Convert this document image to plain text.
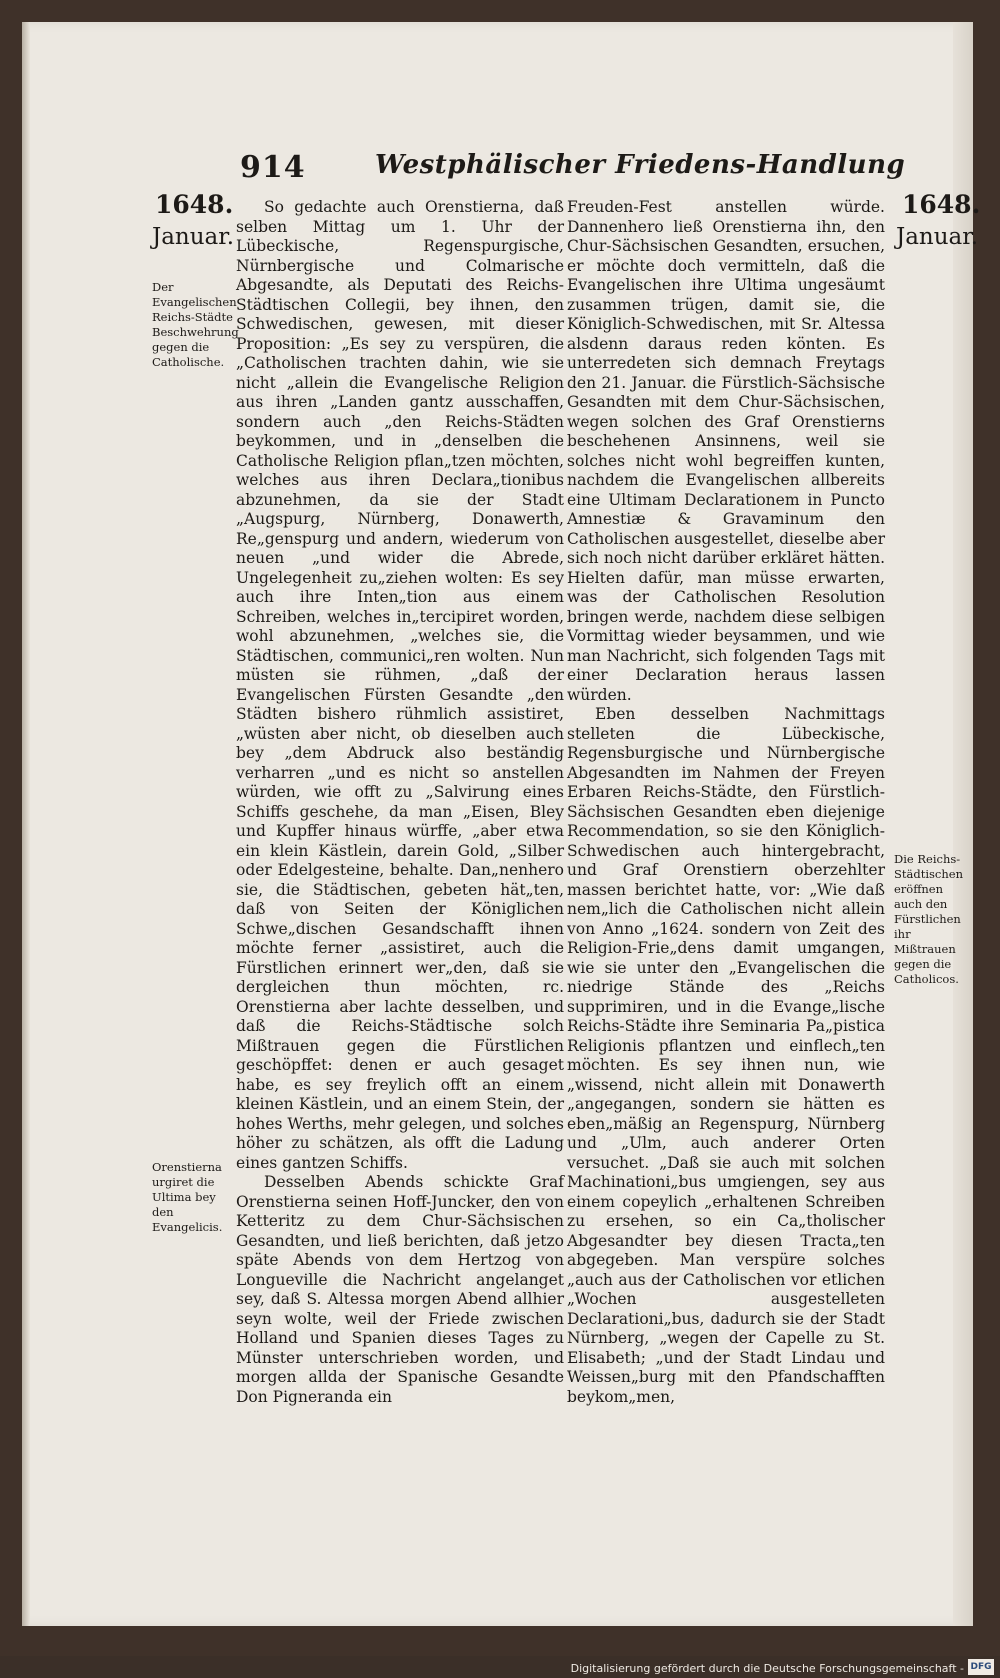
914	Westphälischer Friedens-Handlung
1648.
Januar.
1648.
Januar.
Der Evangelischen Reichs-Städte Beschwehrung gegen die Catholische.
Orenstierna urgiret die Ultima bey den Evangelicis.
Die Reichs-Städtischen eröffnen auch den Fürstlichen ihr Mißtrauen gegen die Catholicos.

So gedachte auch Orenstierna, daß selben Mittag um 1. Uhr der Lübeckische, Regenspurgische, Nürnbergische und Colmarische Abgesandte, als Deputati des Reichs-Städtischen Collegii, bey ihnen, den Schwedischen, gewesen, mit dieser Proposition: „Es sey zu verspüren, die „Catholischen trachten dahin, wie sie nicht „allein die Evangelische Religion aus ihren „Landen gantz ausschaffen, sondern auch „den Reichs-Städten beykommen, und in „denselben die Catholische Religion pflan„tzen möchten, welches aus ihren Declara„tionibus abzunehmen, da sie der Stadt „Augspurg, Nürnberg, Donawerth, Re„genspurg und andern, wiederum von neuen „und wider die Abrede, Ungelegenheit zu„ziehen wolten: Es sey auch ihre Inten„tion aus einem Schreiben, welches in„tercipiret worden, wohl abzunehmen, „welches sie, die Städtischen, communici„ren wolten. Nun müsten sie rühmen, „daß der Evangelischen Fürsten Gesandte „den Städten bishero rühmlich assistiret, „wüsten aber nicht, ob dieselben auch bey „dem Abdruck also beständig verharren „und es nicht so anstellen würden, wie offt zu „Salvirung eines Schiffs geschehe, da man „Eisen, Bley und Kupffer hinaus würffe, „aber etwa ein klein Kästlein, darein Gold, „Silber oder Edelgesteine, behalte. Dan„nenhero sie, die Städtischen, gebeten hät„ten, daß von Seiten der Königlichen Schwe„dischen Gesandschafft ihnen möchte ferner „assistiret, auch die Fürstlichen erinnert wer„den, daß sie dergleichen thun möchten, rc. Orenstierna aber lachte desselben, und daß die Reichs-Städtische solch Mißtrauen gegen die Fürstlichen geschöpffet: denen er auch gesaget habe, es sey freylich offt an einem kleinen Kästlein, und an einem Stein, der hohes Werths, mehr gelegen, und solches höher zu schätzen, als offt die Ladung eines gantzen Schiffs.

Desselben Abends schickte Graf Orenstierna seinen Hoff-Juncker, den von Ketteritz zu dem Chur-Sächsischen Gesandten, und ließ berichten, daß jetzo späte Abends von dem Hertzog von Longueville die Nachricht angelanget sey, daß S. Altessa morgen Abend allhier seyn wolte, weil der Friede zwischen Holland und Spanien dieses Tages zu Münster unterschrieben worden, und morgen allda der Spanische Gesandte Don Pigneranda ein

Freuden-Fest anstellen würde. Dannenhero ließ Orenstierna ihn, den Chur-Sächsischen Gesandten, ersuchen, er möchte doch vermitteln, daß die Evangelischen ihre Ultima ungesäumt zusammen trügen, damit sie, die Königlich-Schwedischen, mit Sr. Altessa alsdenn daraus reden könten. Es unterredeten sich demnach Freytags den 21. Januar. die Fürstlich-Sächsische Gesandten mit dem Chur-Sächsischen, wegen solchen des Graf Orenstierns beschehenen Ansinnens, weil sie solches nicht wohl begreiffen kunten, nachdem die Evangelischen allbereits eine Ultimam Declarationem in Puncto Amnestiæ & Gravaminum den Catholischen ausgestellet, dieselbe aber sich noch nicht darüber erkläret hätten. Hielten dafür, man müsse erwarten, was der Catholischen Resolution bringen werde, nachdem diese selbigen Vormittag wieder beysammen, und wie man Nachricht, sich folgenden Tags mit einer Declaration heraus lassen würden.

Eben desselben Nachmittags stelleten die Lübeckische, Regensburgische und Nürnbergische Abgesandten im Nahmen der Freyen Erbaren Reichs-Städte, den Fürstlich-Sächsischen Gesandten eben diejenige Recommendation, so sie den Königlich-Schwedischen auch hintergebracht, und Graf Orenstiern oberzehlter massen berichtet hatte, vor: „Wie daß nem„lich die Catholischen nicht allein von Anno „1624. sondern von Zeit des Religion-Frie„dens damit umgangen, wie sie unter den „Evangelischen die niedrige Stände des „Reichs supprimiren, und in die Evange„lische Reichs-Städte ihre Seminaria Pa„pistica Religionis pflantzen und einflech„ten möchten. Es sey ihnen nun, wie „wissend, nicht allein mit Donawerth „angegangen, sondern sie hätten es eben„mäßig an Regenspurg, Nürnberg und „Ulm, auch anderer Orten versuchet. „Daß sie auch mit solchen Machinationi„bus umgiengen, sey aus einem copeylich „erhaltenen Schreiben zu ersehen, so ein Ca„tholischer Abgesandter bey diesen Tracta„ten abgegeben. Man verspüre solches „auch aus der Catholischen vor etlichen „Wochen ausgestelleten Declarationi„bus, dadurch sie der Stadt Nürnberg, „wegen der Capelle zu St. Elisabeth; „und der Stadt Lindau und Weissen„burg mit den Pfandschafften beykom„men,

Digitalisierung gefördert durch die Deutsche Forschungsgemeinschaft - DFG
